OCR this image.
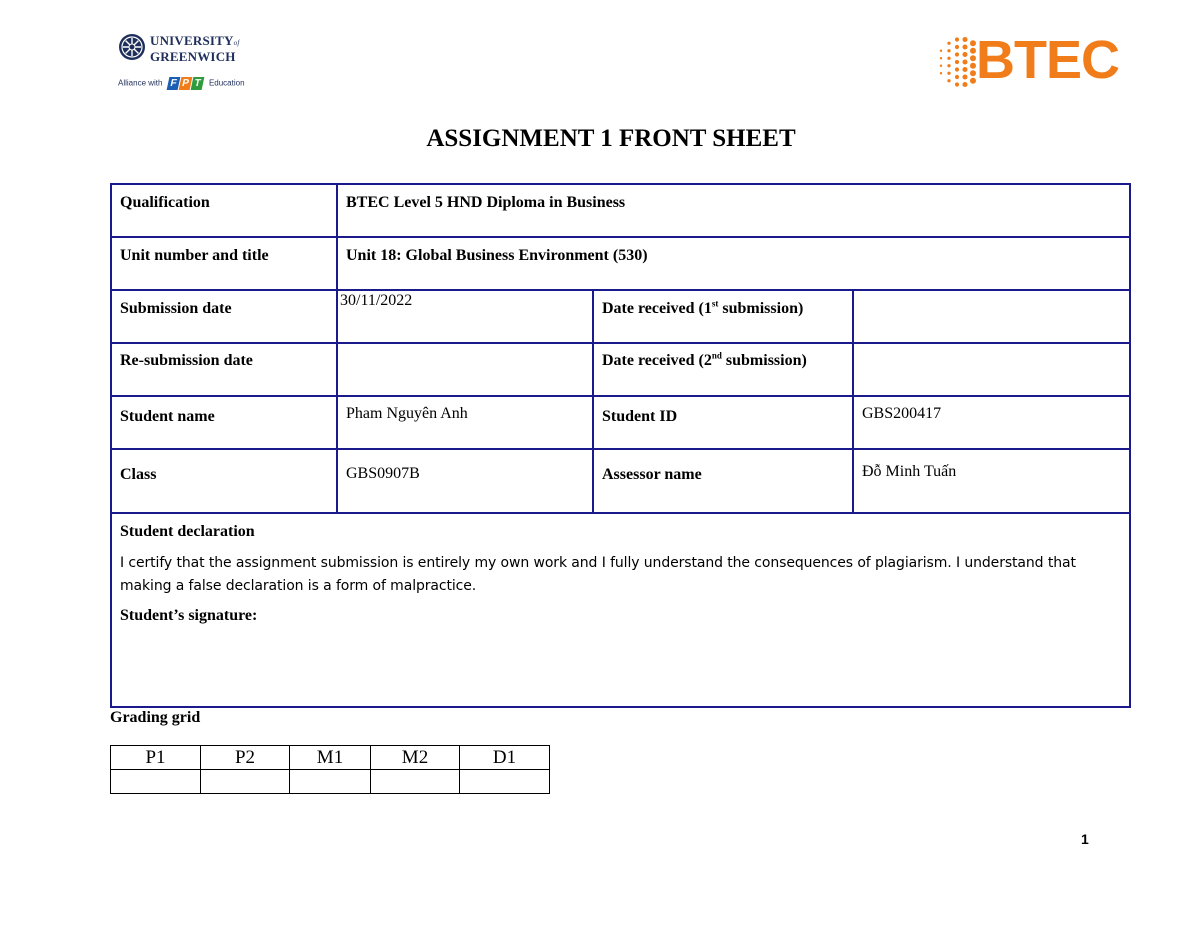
UNIVERSITYof
GREENWICH
Alliance with F P T Education	BTEC
ASSIGNMENT 1 FRONT SHEET
Qualification	BTEC Level 5 HND Diploma in Business		

Unit number and title	Unit 18: Global Business Environment (530)		

Submission date	30/11/2022	Date received (1st submission)	

Re-submission date		Date received (2nd submission)	

Student name	Pham Nguyên Anh	Student ID	GBS200417

Class	GBS0907B	Assessor name	Đỗ Minh Tuấn

Student declaration
I certify that the assignment submission is entirely my own work and I fully understand the consequences of plagiarism. I understand that making a false declaration is a form of malpractice.
Student’s signature:			
Grading grid
P1	P2	M1	M2	D1

1
